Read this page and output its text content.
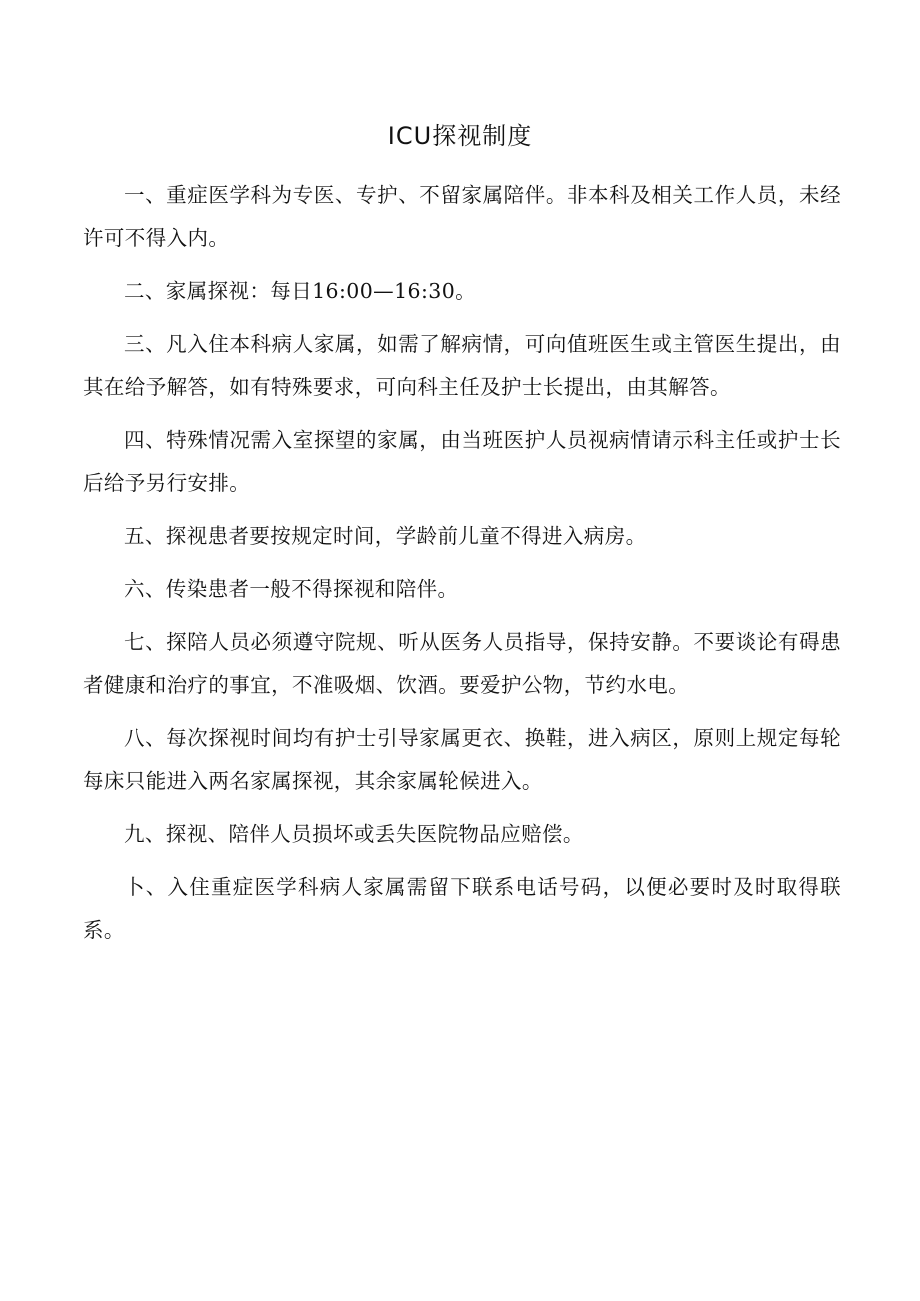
ICU探视制度

一、重症医学科为专医、专护、不留家属陪伴。非本科及相关工作人员，未经许可不得入内。

二、家属探视：每日16:00—16:30。

三、凡入住本科病人家属，如需了解病情，可向值班医生或主管医生提出，由其在给予解答，如有特殊要求，可向科主任及护士长提出，由其解答。

四、特殊情况需入室探望的家属，由当班医护人员视病情请示科主任或护士长后给予另行安排。

五、探视患者要按规定时间，学龄前儿童不得进入病房。

六、传染患者一般不得探视和陪伴。

七、探陪人员必须遵守院规、听从医务人员指导，保持安静。不要谈论有碍患者健康和治疗的事宜，不准吸烟、饮酒。要爱护公物，节约水电。

八、每次探视时间均有护士引导家属更衣、换鞋，进入病区，原则上规定每轮每床只能进入两名家属探视，其余家属轮候进入。

九、探视、陪伴人员损坏或丢失医院物品应赔偿。

卜、入住重症医学科病人家属需留下联系电话号码，以便必要时及时取得联系。
